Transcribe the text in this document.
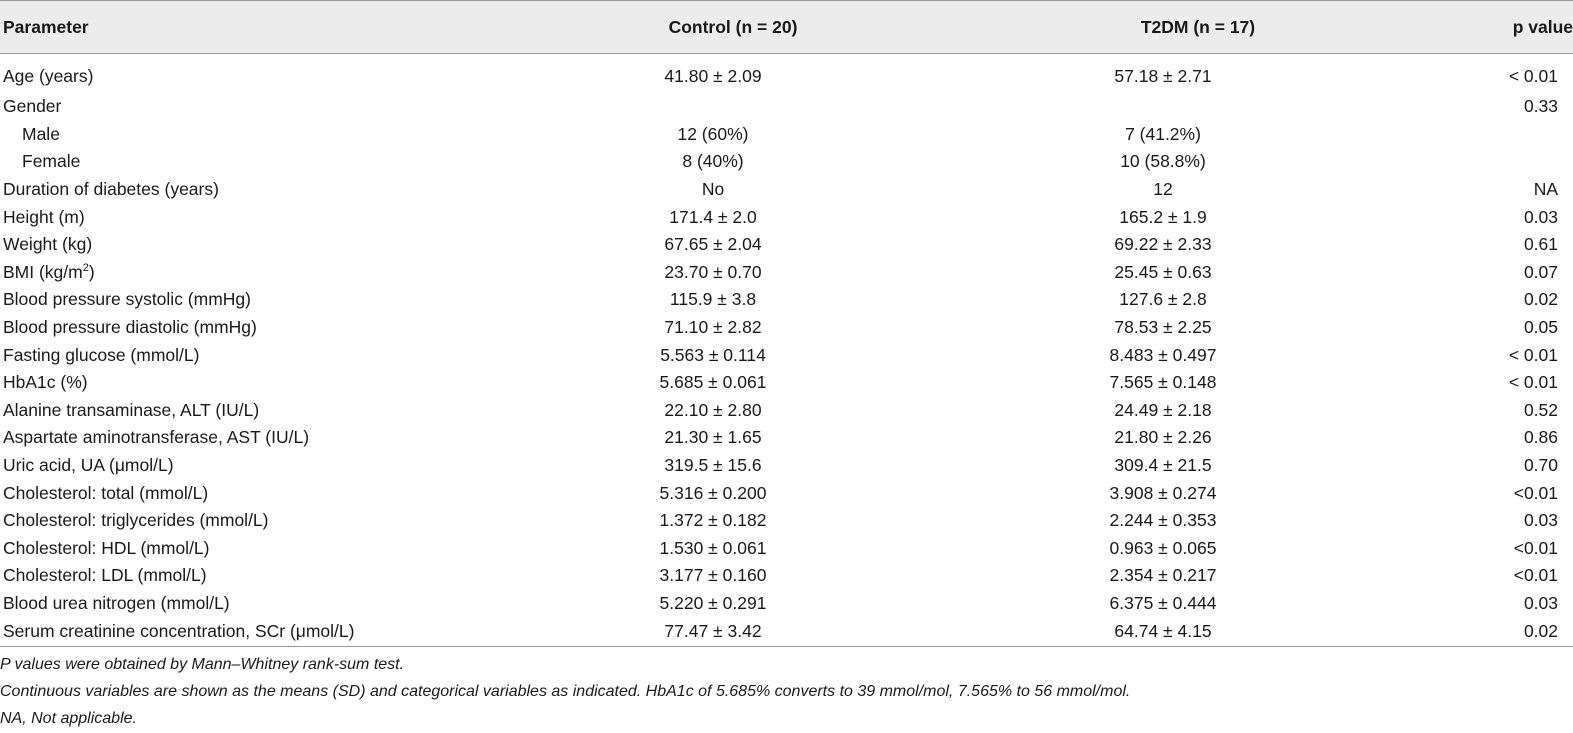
Parameter	Control (n = 20)	T2DM (n = 17)	p value
Age (years)	41.80 ± 2.09	57.18 ± 2.71	< 0.01
Gender			0.33
Male	12 (60%)	7 (41.2%)	
Female	8 (40%)	10 (58.8%)	
Duration of diabetes (years)	No	12	NA
Height (m)	171.4 ± 2.0	165.2 ± 1.9	0.03
Weight (kg)	67.65 ± 2.04	69.22 ± 2.33	0.61
BMI $(kg/m^2)$	23.70 ± 0.70	25.45 ± 0.63	0.07
Blood pressure systolic (mmHg)	115.9 ± 3.8	127.6 ± 2.8	0.02
Blood pressure diastolic (mmHg)	71.10 ± 2.82	78.53 ± 2.25	0.05
Fasting glucose (mmol/L)	5.563 ± 0.114	8.483 ± 0.497	< 0.01
HbA1c (%)	5.685 ± 0.061	7.565 ± 0.148	< 0.01
Alanine transaminase, ALT (IU/L)	22.10 ± 2.80	24.49 ± 2.18	0.52
Aspartate aminotransferase, AST (IU/L)	21.30 ± 1.65	21.80 ± 2.26	0.86
Uric acid, UA (μmol/L)	319.5 ± 15.6	309.4 ± 21.5	0.70
Cholesterol: total (mmol/L)	5.316 ± 0.200	3.908 ± 0.274	<0.01
Cholesterol: triglycerides (mmol/L)	1.372 ± 0.182	2.244 ± 0.353	0.03
Cholesterol: HDL (mmol/L)	1.530 ± 0.061	0.963 ± 0.065	<0.01
Cholesterol: LDL (mmol/L)	3.177 ± 0.160	2.354 ± 0.217	<0.01
Blood urea nitrogen (mmol/L)	5.220 ± 0.291	6.375 ± 0.444	0.03
Serum creatinine concentration, SCr (μmol/L)	77.47 ± 3.42	64.74 ± 4.15	0.02

P values were obtained by Mann–Whitney rank-sum test.

Continuous variables are shown as the means (SD) and categorical variables as indicated. HbA1c of 5.685% converts to 39 mmol/mol, 7.565% to 56 mmol/mol.

NA, Not applicable.
